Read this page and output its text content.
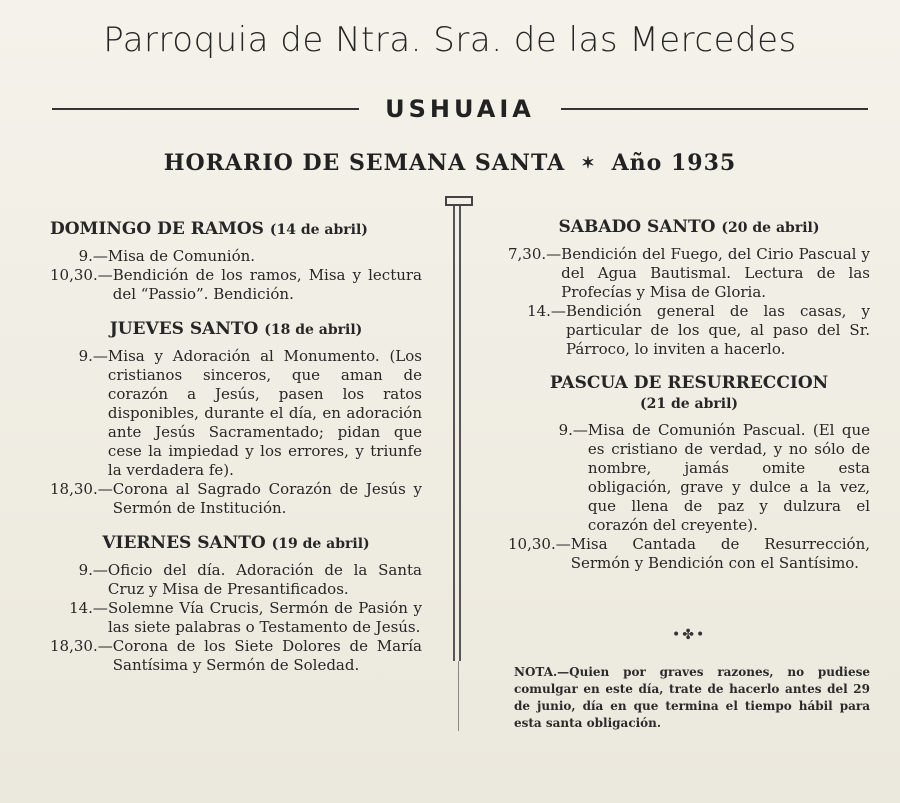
Parroquia de Ntra. Sra. de las Mercedes
USHUAIA
HORARIO DE SEMANA SANTA ✶ Año 1935
DOMINGO DE RAMOS (14 de abril)
9.— Misa de Comunión.
10,30.— Bendición de los ramos, Misa y lectura del “Passio”. Bendición.
JUEVES SANTO (18 de abril)
9.— Misa y Adoración al Monumento. (Los cristianos sinceros, que aman de corazón a Jesús, pasen los ratos disponibles, durante el día, en adoración ante Jesús Sacramentado; pidan que cese la impiedad y los errores, y triunfe la verdadera fe).
18,30.— Corona al Sagrado Corazón de Jesús y Sermón de Institución.
VIERNES SANTO (19 de abril)
9.— Oficio del día. Adoración de la Santa Cruz y Misa de Presantificados.
14.— Solemne Vía Crucis, Sermón de Pasión y las siete palabras o Testamento de Jesús.
18,30.— Corona de los Siete Dolores de María Santísima y Sermón de Soledad.
SABADO SANTO (20 de abril)
7,30.— Bendición del Fuego, del Cirio Pascual y del Agua Bautismal. Lectura de las Profecías y Misa de Gloria.
14.— Bendición general de las casas, y particular de los que, al paso del Sr. Párroco, lo inviten a hacerlo.
PASCUA DE RESURRECCION
(21 de abril)
9.— Misa de Comunión Pascual. (El que es cristiano de verdad, y no sólo de nombre, jamás omite esta obligación, grave y dulce a la vez, que llena de paz y dulzura el corazón del creyente).
10,30.— Misa Cantada de Resurrección, Sermón y Bendición con el Santísimo.
•✤•
NOTA.—Quien por graves razones, no pudiese comulgar en este día, trate de hacerlo antes del 29 de junio, día en que termina el tiempo hábil para esta santa obligación.
